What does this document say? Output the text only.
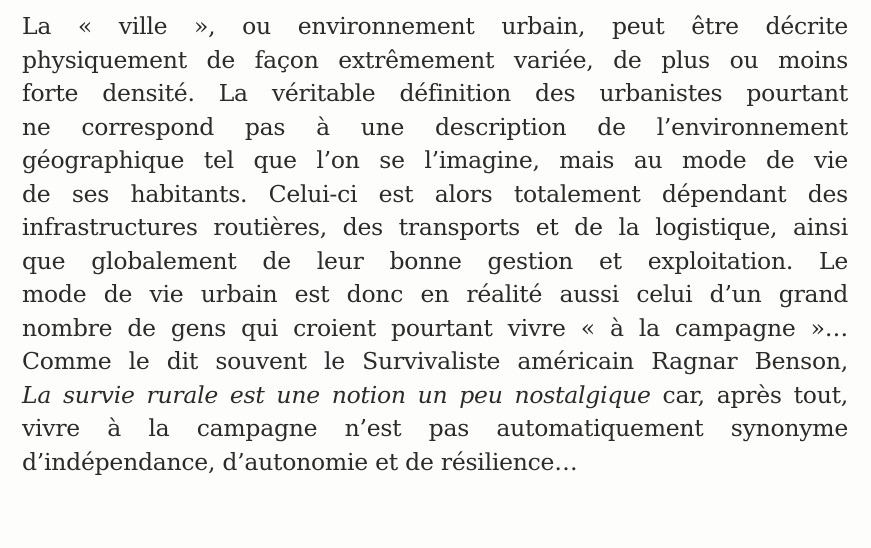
La « ville », ou environnement urbain, peut être décrite
physiquement de façon extrêmement variée, de plus ou moins
forte densité. La véritable définition des urbanistes pourtant
ne correspond pas à une description de l’environnement
géographique tel que l’on se l’imagine, mais au mode de vie
de ses habitants. Celui-ci est alors totalement dépendant des
infrastructures routières, des transports et de la logistique, ainsi
que globalement de leur bonne gestion et exploitation. Le
mode de vie urbain est donc en réalité aussi celui d’un grand
nombre de gens qui croient pourtant vivre « à la campagne »…
Comme le dit souvent le Survivaliste américain Ragnar Benson,
La survie rurale est une notion un peu nostalgique car, après tout,
vivre à la campagne n’est pas automatiquement synonyme
d’indépendance, d’autonomie et de résilience…
